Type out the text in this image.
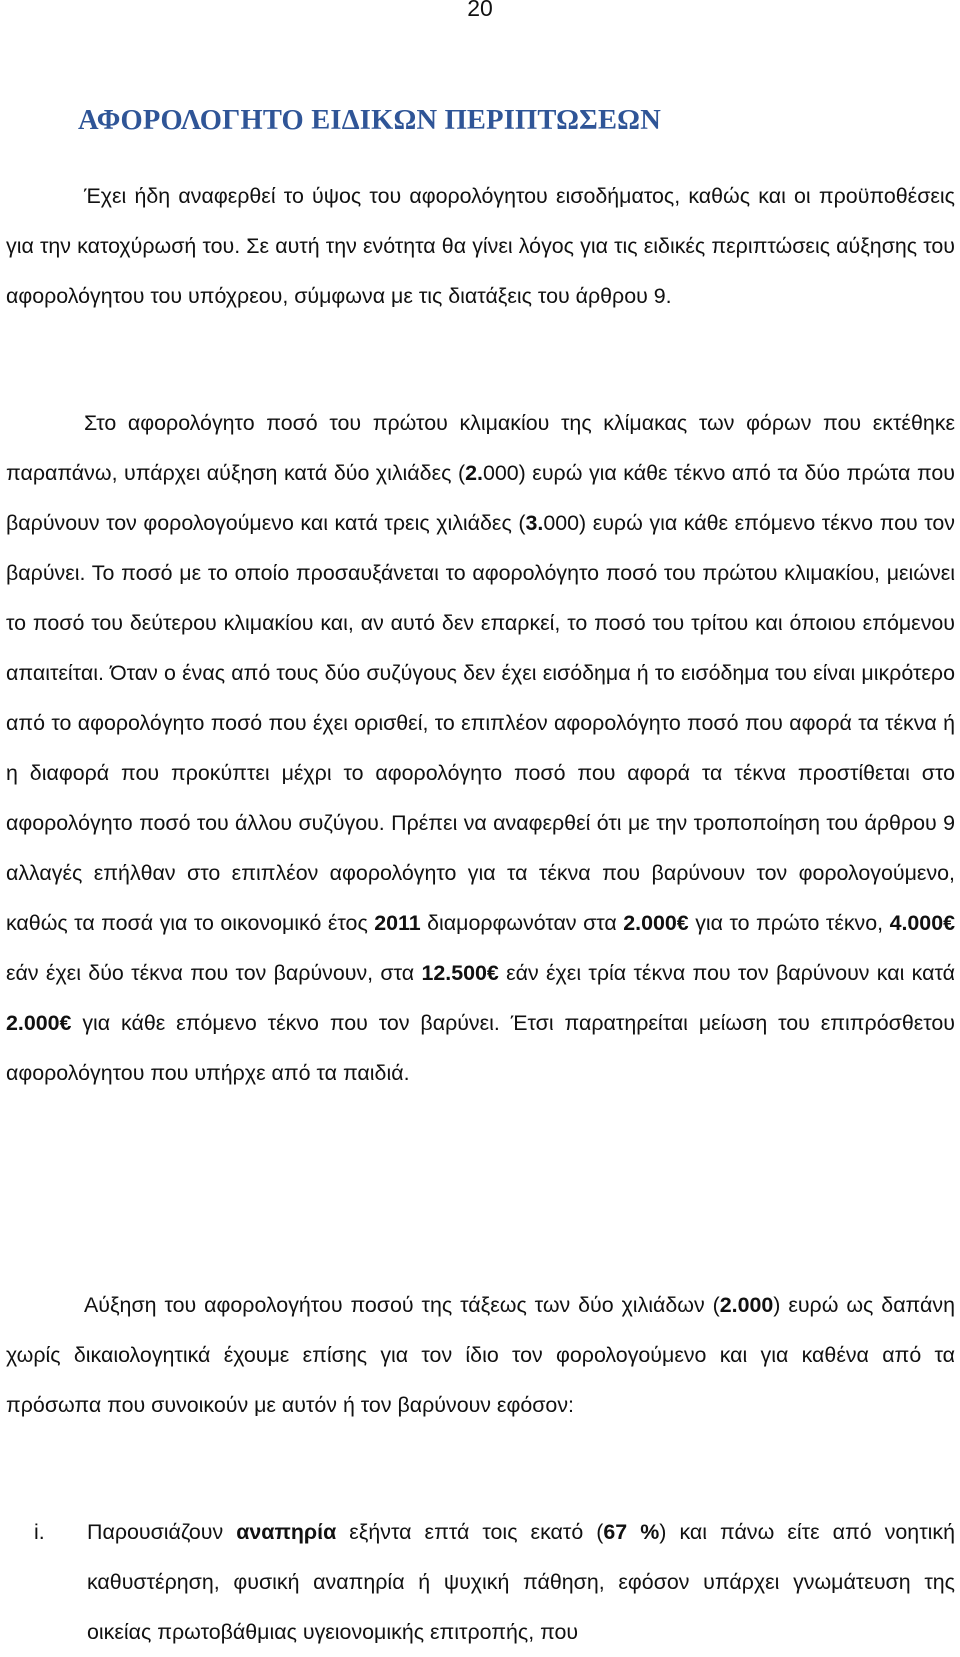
20
ΑΦΟΡΟΛΟΓΗΤΟ ΕΙΔΙΚΩΝ ΠΕΡΙΠΤΩΣΕΩΝ

Έχει ήδη αναφερθεί το ύψος του αφορολόγητου εισοδήματος, καθώς και οι προϋποθέσεις για την κατοχύρωσή του. Σε αυτή την ενότητα θα γίνει λόγος για τις ειδικές περιπτώσεις αύξησης του αφορολόγητου του υπόχρεου, σύμφωνα με τις διατάξεις του άρθρου 9.

Στο αφορολόγητο ποσό του πρώτου κλιμακίου της κλίμακας των φόρων που εκτέθηκε παραπάνω, υπάρχει αύξηση κατά δύο χιλιάδες (2.000) ευρώ για κάθε τέκνο από τα δύο πρώτα που βαρύνουν τον φορολογούμενο και κατά τρεις χιλιάδες (3.000) ευρώ για κάθε επόμενο τέκνο που τον βαρύνει. Το ποσό με το οποίο προσαυξάνεται το αφορολόγητο ποσό του πρώτου κλιμακίου, μειώνει το ποσό του δεύτερου κλιμακίου και, αν αυτό δεν επαρκεί, το ποσό του τρίτου και όποιου επόμενου απαιτείται. Όταν ο ένας από τους δύο συζύγους δεν έχει εισόδημα ή το εισόδημα του είναι μικρότερο από το αφορολόγητο ποσό που έχει ορισθεί, το επιπλέον αφορολόγητο ποσό που αφορά τα τέκνα ή η διαφορά που προκύπτει μέχρι το αφορολόγητο ποσό που αφορά τα τέκνα προστίθεται στο αφορολόγητο ποσό του άλλου συζύγου. Πρέπει να αναφερθεί ότι με την τροποποίηση του άρθρου 9 αλλαγές επήλθαν στο επιπλέον αφορολόγητο για τα τέκνα που βαρύνουν τον φορολογούμενο, καθώς τα ποσά για το οικονομικό έτος 2011 διαμορφωνόταν στα 2.000€ για το πρώτο τέκνο, 4.000€ εάν έχει δύο τέκνα που τον βαρύνουν, στα 12.500€ εάν έχει τρία τέκνα που τον βαρύνουν και κατά 2.000€ για κάθε επόμενο τέκνο που τον βαρύνει. Έτσι παρατηρείται μείωση του επιπρόσθετου αφορολόγητου που υπήρχε από τα παιδιά.

Αύξηση του αφορολογήτου ποσού της τάξεως των δύο χιλιάδων (2.000) ευρώ ως δαπάνη χωρίς δικαιολογητικά έχουμε επίσης για τον ίδιο τον φορολογούμενο και για καθένα από τα πρόσωπα που συνοικούν με αυτόν ή τον βαρύνουν εφόσον:

i. Παρουσιάζουν αναπηρία εξήντα επτά τοις εκατό (67 %) και πάνω είτε από νοητική καθυστέρηση, φυσική αναπηρία ή ψυχική πάθηση, εφόσον υπάρχει γνωμάτευση της οικείας πρωτοβάθμιας υγειονομικής επιτροπής, που
